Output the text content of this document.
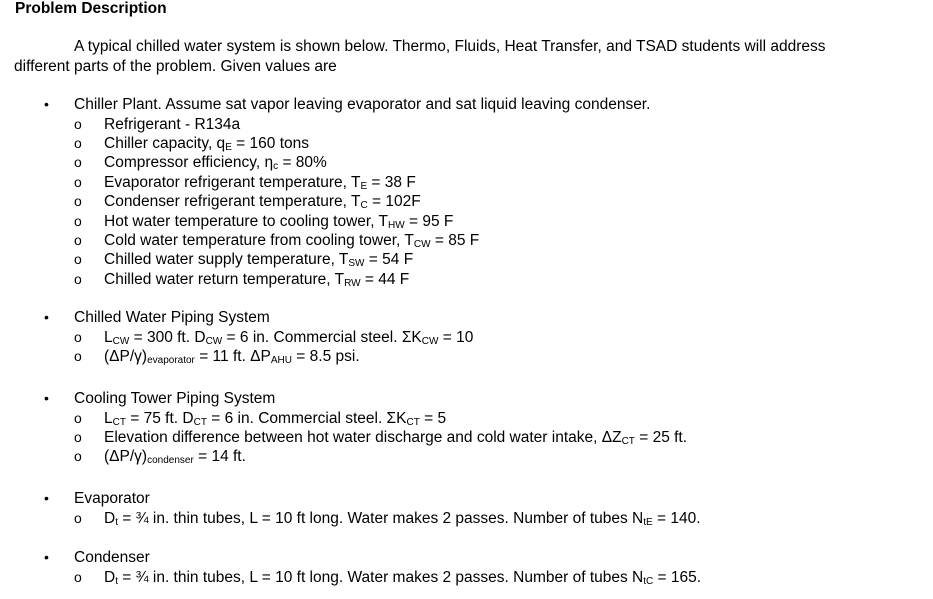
Problem Description
A typical chilled water system is shown below. Thermo, Fluids, Heat Transfer, and TSAD students will address
different parts of the problem. Given values are
• Chiller Plant. Assume sat vapor leaving evaporator and sat liquid leaving condenser.
o Refrigerant - R134a
o Chiller capacity, $q_E = 160$ tons
o Compressor efficiency, $\eta_c = 80\%$
o Evaporator refrigerant temperature, $T_E = 38$ F
o Condenser refrigerant temperature, $T_C = 102F$
o Hot water temperature to cooling tower, $T_{HW} = 95$ F
o Cold water temperature from cooling tower, $T_{CW} = 85$ F
o Chilled water supply temperature, $T_{SW} = 54$ F
o Chilled water return temperature, $T_{RW} = 44$ F
• Chilled Water Piping System
o $L_{CW} = 300$ ft. $D_{CW} = 6$ in. Commercial steel. $\Sigma K_{CW} = 10$
o $(\Delta P/\gamma)_{evaporator} = 11$ ft. $\Delta P_{AHU} = 8.5$ psi.
• Cooling Tower Piping System
o $L_{CT} = 75$ ft. $D_{CT} = 6$ in. Commercial steel. $\Sigma K_{CT} = 5$
o Elevation difference between hot water discharge and cold water intake, $\Delta Z_{CT} = 25$ ft.
o $(\Delta P/\gamma)_{condenser} = 14$ ft.
• Evaporator
o $D_t$ = ¾ in. thin tubes, L = 10 ft long. Water makes 2 passes. Number of tubes $N_{tE} = 140$.
• Condenser
o $D_t$ = ¾ in. thin tubes, L = 10 ft long. Water makes 2 passes. Number of tubes $N_{tC} = 165$.
